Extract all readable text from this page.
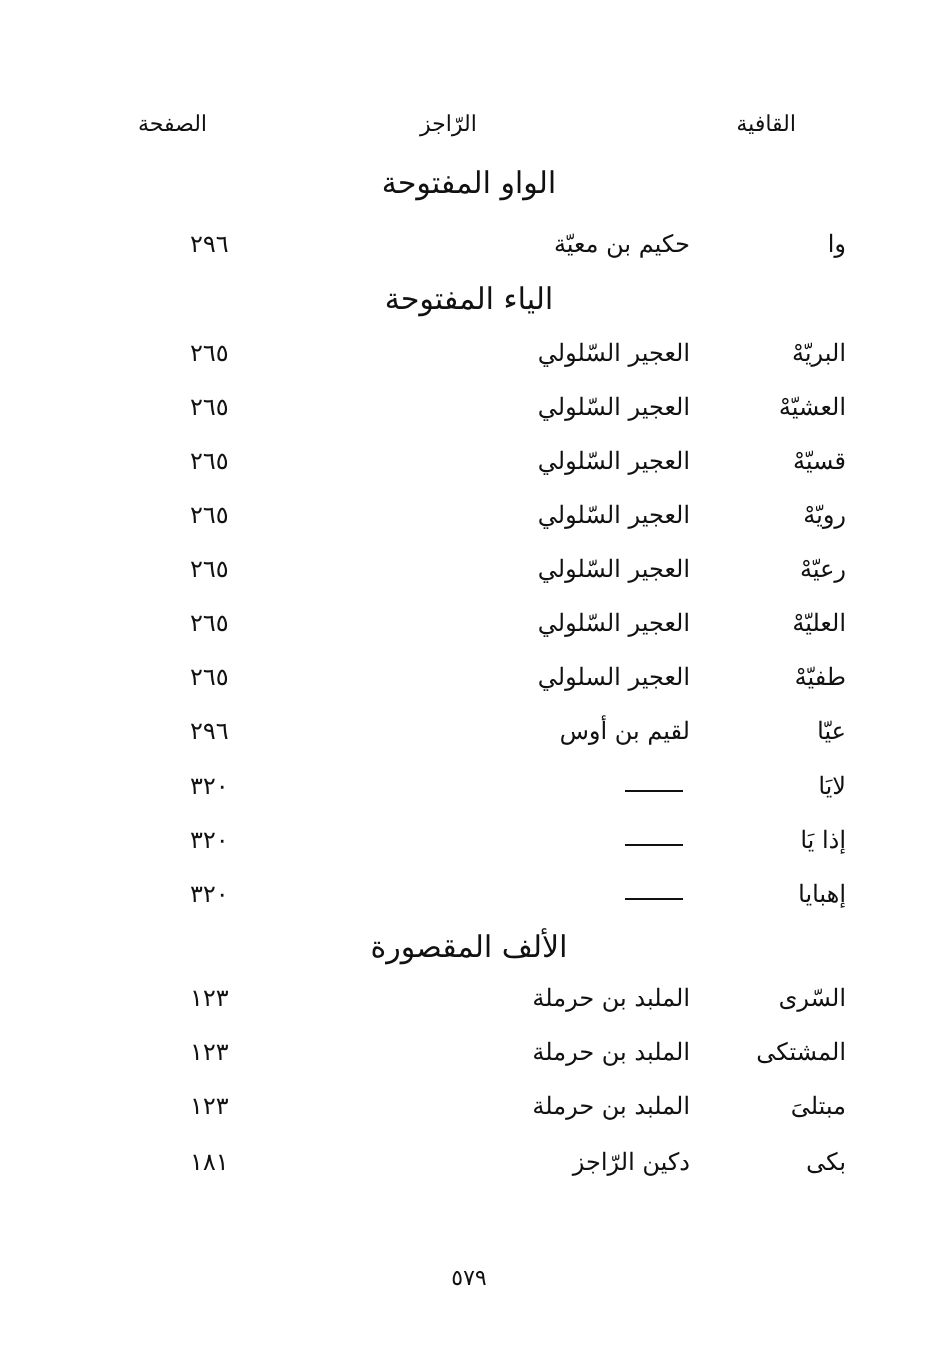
القافية
الرّاجز
الصفحة
الواو المفتوحة
وا
حكيم بن معيّة
٢٩٦
الياء المفتوحة
البريّهْ
العجير السّلولي
٢٦٥
العشيّهْ
العجير السّلولي
٢٦٥
قسيّهْ
العجير السّلولي
٢٦٥
رويّهْ
العجير السّلولي
٢٦٥
رعيّهْ
العجير السّلولي
٢٦٥
العليّهْ
العجير السّلولي
٢٦٥
طفيّهْ
العجير السلولي
٢٦٥
عيّا
لقيم بن أوس
٢٩٦
لايَا
٣٢٠
إذا يَا
٣٢٠
إهبايا
٣٢٠
الألف المقصورة
السّرى
الملبد بن حرملة
١٢٣
المشتكى
الملبد بن حرملة
١٢٣
مبتلىَ
الملبد بن حرملة
١٢٣
بكى
دكين الرّاجز
١٨١
٥٧٩
